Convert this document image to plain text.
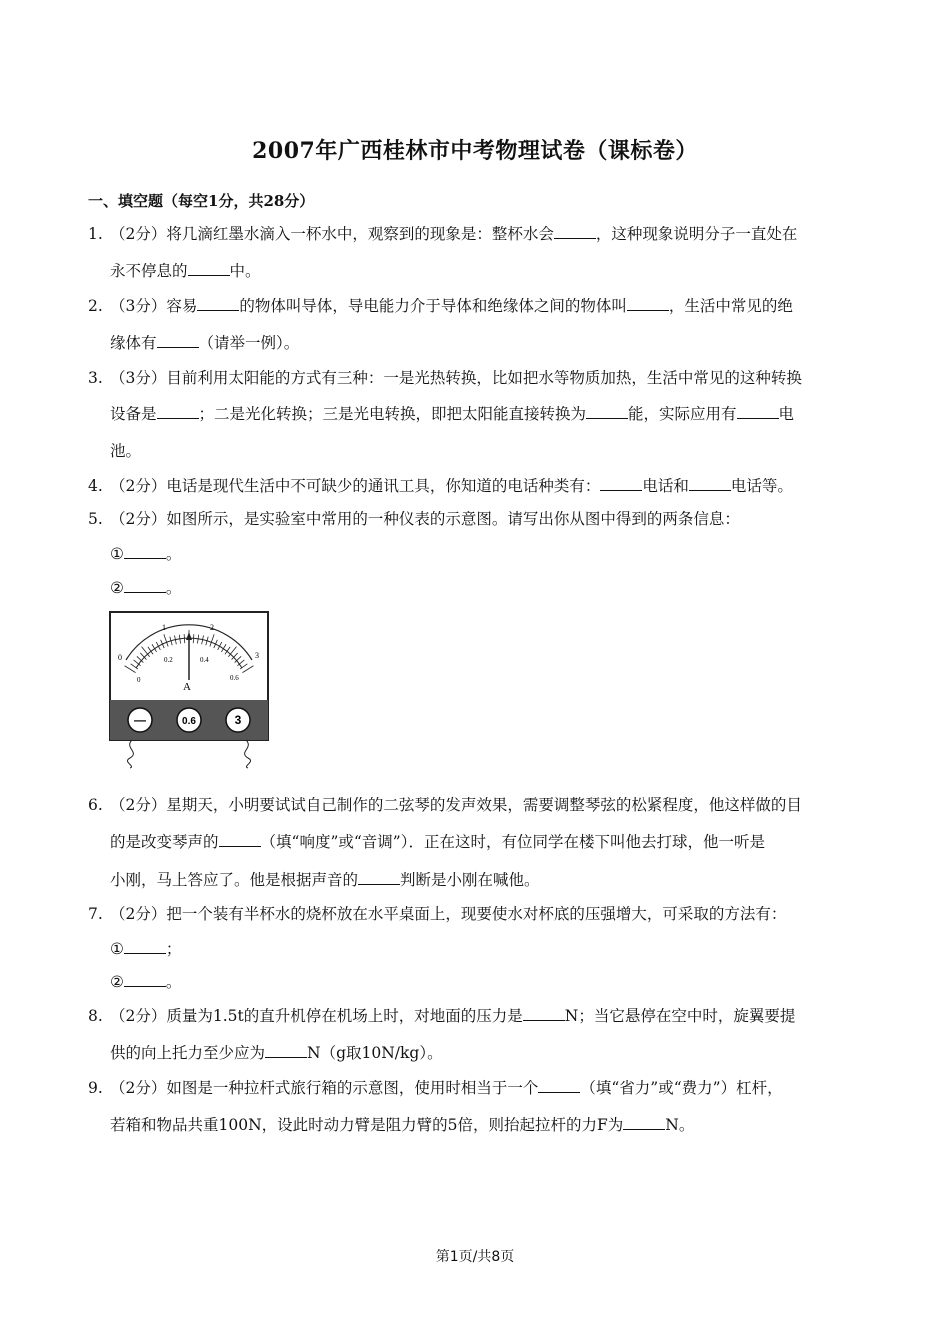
2007年广西桂林市中考物理试卷（课标卷）
一、填空题（每空1分，共28分）
1. （2分）将几滴红墨水滴入一杯水中，观察到的现象是：整杯水会	，这种现象说明分子一直处在
永不停息的	中。
2. （3分）容易	的物体叫导体，导电能力介于导体和绝缘体之间的物体叫	，生活中常见的绝
缘体有	（请举一例）。
3. （3分）目前利用太阳能的方式有三种：一是光热转换，比如把水等物质加热，生活中常见的这种转换
设备是	；二是光化转换；三是光电转换，即把太阳能直接转换为	能，实际应用有	电
池。
4. （2分）电话是现代生活中不可缺少的通讯工具，你知道的电话种类有：	电话和	电话等。
5. （2分）如图所示，是实验室中常用的一种仪表的示意图。请写出你从图中得到的两条信息：
①	。
②	。
0
1	2
3
0
0.2	0.4
0.6
A
—	0.6	3
6. （2分）星期天，小明要试试自己制作的二弦琴的发声效果，需要调整琴弦的松紧程度，他这样做的目
的是改变琴声的	（填“响度”或“音调”）．正在这时，有位同学在楼下叫他去打球，他一听是
小刚，马上答应了。他是根据声音的	判断是小刚在喊他。
7. （2分）把一个装有半杯水的烧杯放在水平桌面上，现要使水对杯底的压强增大，可采取的方法有：
①	；
②	。
8. （2分）质量为1.5t的直升机停在机场上时，对地面的压力是	N；当它悬停在空中时，旋翼要提
供的向上托力至少应为	N（g取10N/kg）。
9. （2分）如图是一种拉杆式旅行箱的示意图，使用时相当于一个	（填“省力”或“费力”）杠杆，
若箱和物品共重100N，设此时动力臂是阻力臂的5倍，则抬起拉杆的力F为	N。
第1页/共8页
